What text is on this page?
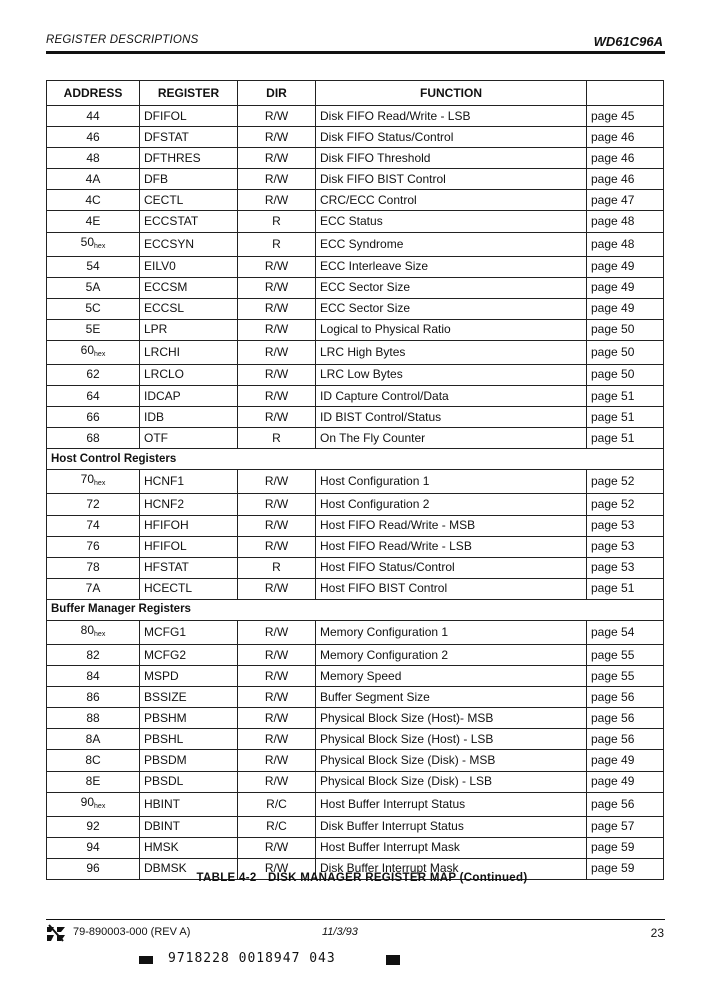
REGISTER DESCRIPTIONS	WD61C96A
ADDRESS	REGISTER	DIR	FUNCTION	
44	DFIFOL	R/W	Disk FIFO Read/Write - LSB	page 45
46	DFSTAT	R/W	Disk FIFO Status/Control	page 46
48	DFTHRES	R/W	Disk FIFO Threshold	page 46
4A	DFB	R/W	Disk FIFO BIST Control	page 46
4C	CECTL	R/W	CRC/ECC Control	page 47
4E	ECCSTAT	R	ECC Status	page 48
$50_{hex}$	ECCSYN	R	ECC Syndrome	page 48
54	EILV0	R/W	ECC Interleave Size	page 49
5A	ECCSM	R/W	ECC Sector Size	page 49
5C	ECCSL	R/W	ECC Sector Size	page 49
5E	LPR	R/W	Logical to Physical Ratio	page 50
$60_{hex}$	LRCHI	R/W	LRC High Bytes	page 50
62	LRCLO	R/W	LRC Low Bytes	page 50
64	IDCAP	R/W	ID Capture Control/Data	page 51
66	IDB	R/W	ID BIST Control/Status	page 51
68	OTF	R	On The Fly Counter	page 51
Host Control Registers				
$70_{hex}$	HCNF1	R/W	Host Configuration 1	page 52
72	HCNF2	R/W	Host Configuration 2	page 52
74	HFIFOH	R/W	Host FIFO Read/Write - MSB	page 53
76	HFIFOL	R/W	Host FIFO Read/Write - LSB	page 53
78	HFSTAT	R	Host FIFO Status/Control	page 53
7A	HCECTL	R/W	Host FIFO BIST Control	page 51
Buffer Manager Registers				
$80_{hex}$	MCFG1	R/W	Memory Configuration 1	page 54
82	MCFG2	R/W	Memory Configuration 2	page 55
84	MSPD	R/W	Memory Speed	page 55
86	BSSIZE	R/W	Buffer Segment Size	page 56
88	PBSHM	R/W	Physical Block Size (Host)- MSB	page 56
8A	PBSHL	R/W	Physical Block Size (Host) - LSB	page 56
8C	PBSDM	R/W	Physical Block Size (Disk) - MSB	page 49
8E	PBSDL	R/W	Physical Block Size (Disk) - LSB	page 49
$90_{hex}$	HBINT	R/C	Host Buffer Interrupt Status	page 56
92	DBINT	R/C	Disk Buffer Interrupt Status	page 57
94	HMSK	R/W	Host Buffer Interrupt Mask	page 59
96	DBMSK	R/W	Disk Buffer Interrupt Mask	page 59
TABLE 4-2 DISK MANAGER REGISTER MAP (Continued)
79-890003-000 (REV A)	11/3/93	23
9718228 0018947 043
